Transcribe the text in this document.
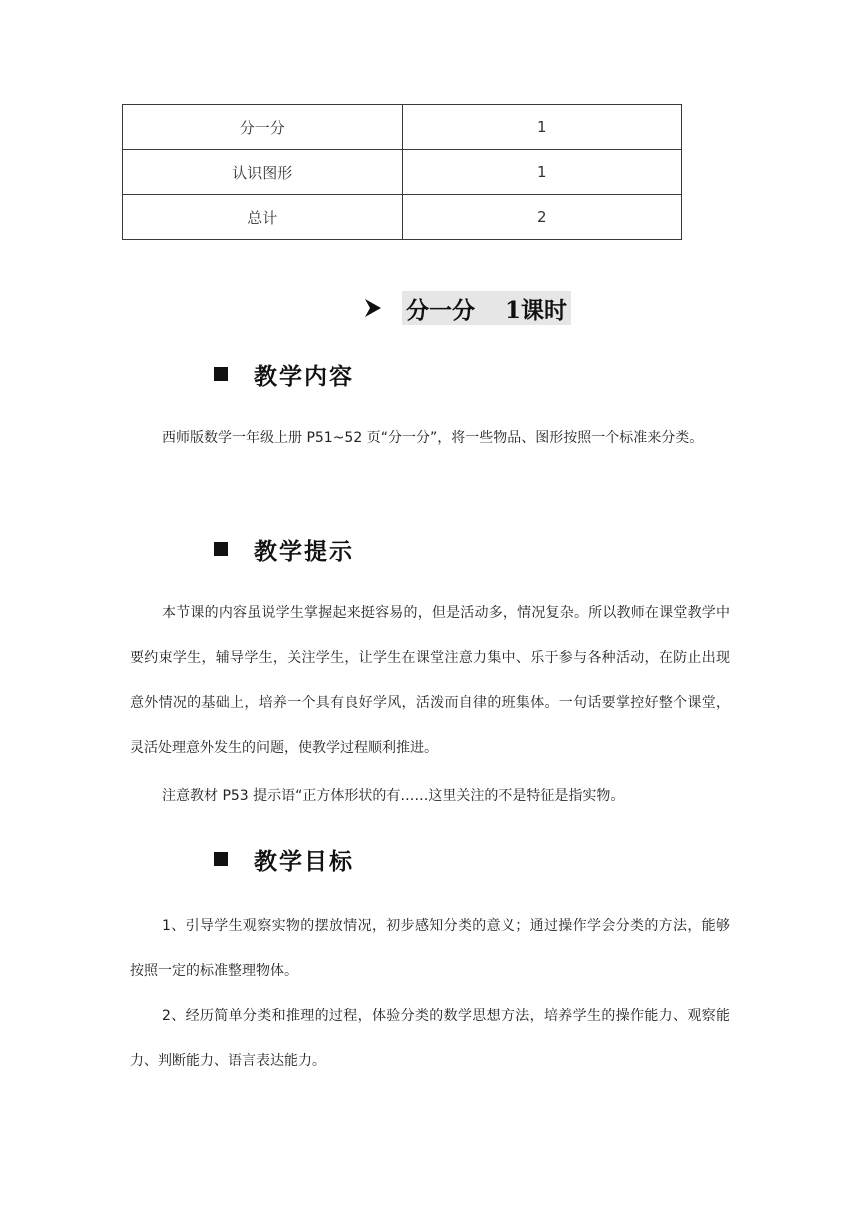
分一分	1
认识图形	1
总计	2
分一分 1课时
教学内容

西师版数学一年级上册 P51~52 页“分一分”，将一些物品、图形按照一个标准来分类。

教学提示

本节课的内容虽说学生掌握起来挺容易的，但是活动多，情况复杂。所以教师在课堂教学中要约束学生，辅导学生，关注学生，让学生在课堂注意力集中、乐于参与各种活动，在防止出现意外情况的基础上，培养一个具有良好学风，活泼而自律的班集体。一句话要掌控好整个课堂，灵活处理意外发生的问题，使教学过程顺利推进。

注意教材 P53 提示语“正方体形状的有……这里关注的不是特征是指实物。

教学目标

1、引导学生观察实物的摆放情况，初步感知分类的意义；通过操作学会分类的方法，能够按照一定的标准整理物体。

2、经历简单分类和推理的过程，体验分类的数学思想方法，培养学生的操作能力、观察能力、判断能力、语言表达能力。
